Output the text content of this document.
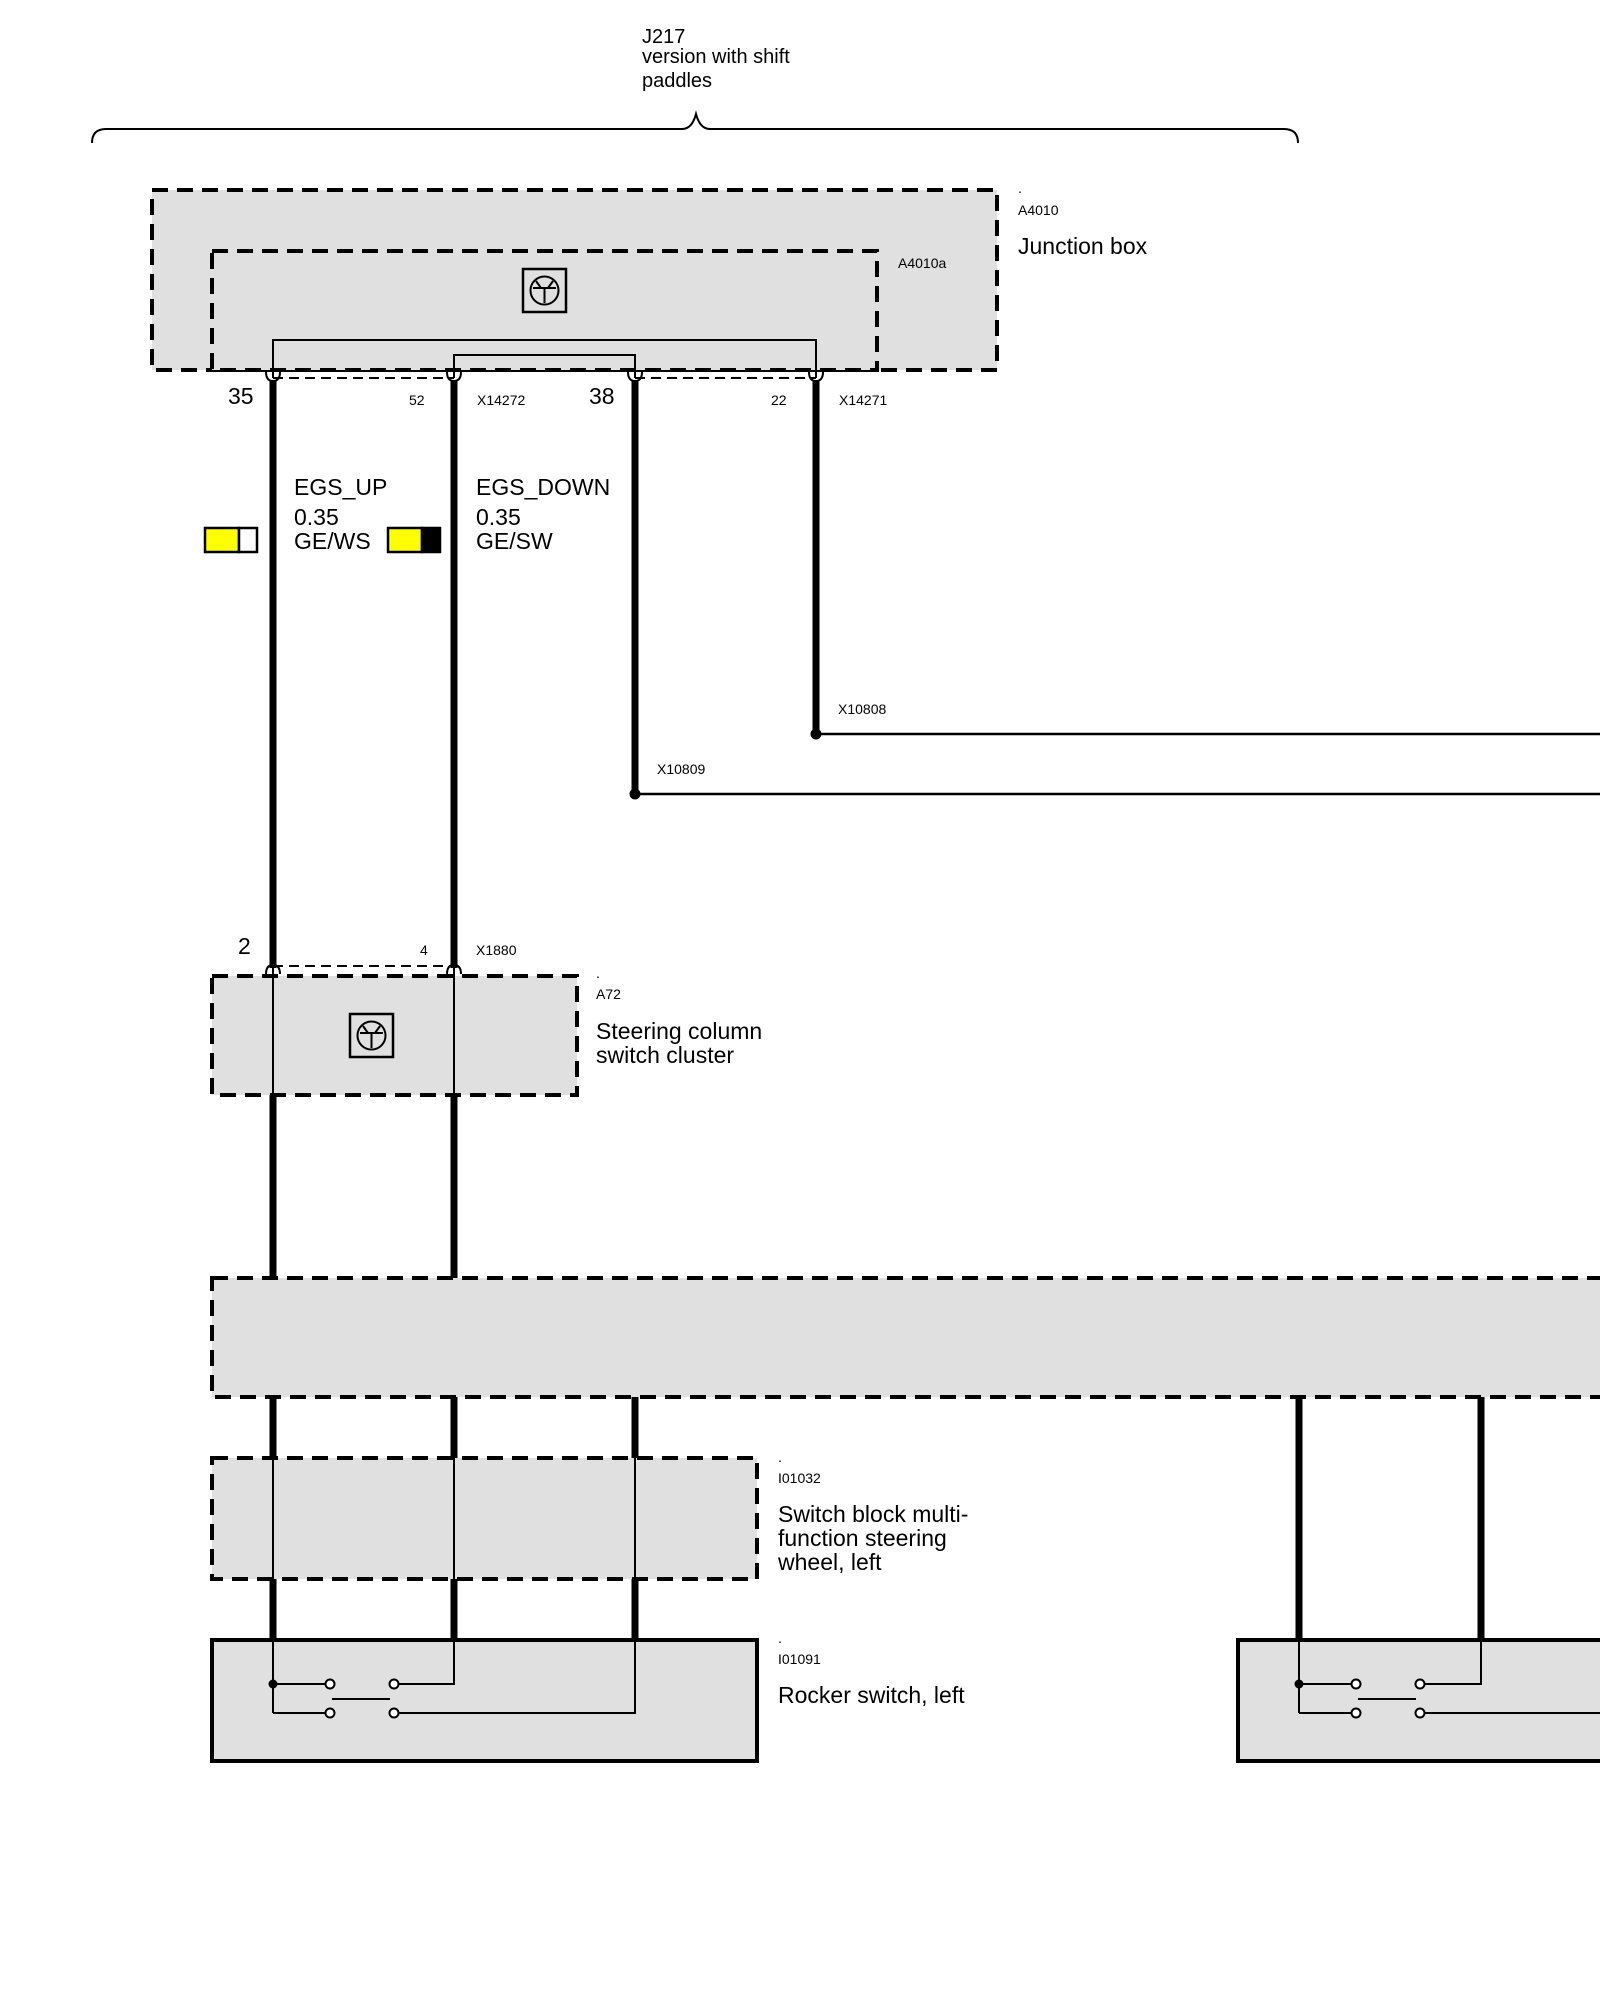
J217
version with shift
paddles
.
A4010
Junction box
A4010a
35	52	X14272	38	22	X14271
EGS_UP
0.35
GE/WS
EGS_DOWN
0.35
GE/SW
X10808
X10809
2	4	X1880
.
A72
Steering column
switch cluster
.
I01032
Switch block multi-
function steering
wheel, left
.
I01091
Rocker switch, left
